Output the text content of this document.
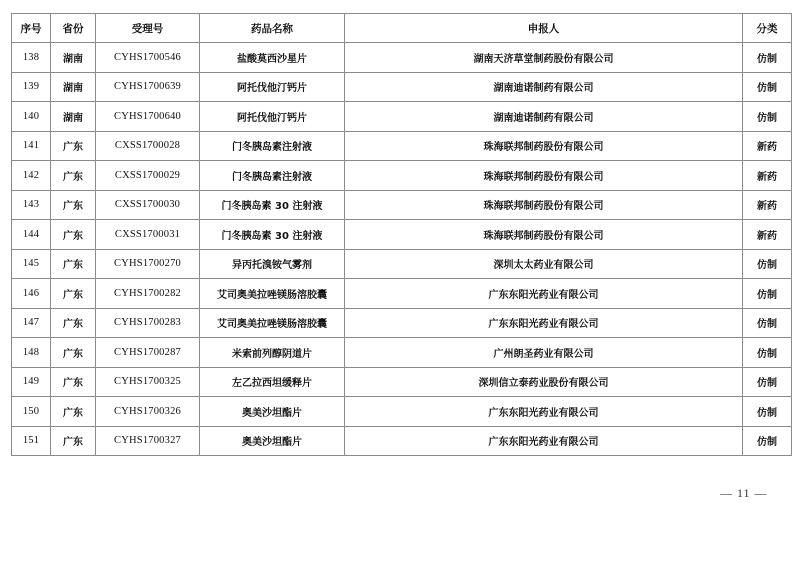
序号	省份	受理号	药品名称	申报人	分类
138	湖南	CYHS1700546	盐酸莫西沙星片	湖南天济草堂制药股份有限公司	仿制
139	湖南	CYHS1700639	阿托伐他汀钙片	湖南迪诺制药有限公司	仿制
140	湖南	CYHS1700640	阿托伐他汀钙片	湖南迪诺制药有限公司	仿制
141	广东	CXSS1700028	门冬胰岛素注射液	珠海联邦制药股份有限公司	新药
142	广东	CXSS1700029	门冬胰岛素注射液	珠海联邦制药股份有限公司	新药
143	广东	CXSS1700030	门冬胰岛素 30 注射液	珠海联邦制药股份有限公司	新药
144	广东	CXSS1700031	门冬胰岛素 30 注射液	珠海联邦制药股份有限公司	新药
145	广东	CYHS1700270	异丙托溴铵气雾剂	深圳太太药业有限公司	仿制
146	广东	CYHS1700282	艾司奥美拉唑镁肠溶胶囊	广东东阳光药业有限公司	仿制
147	广东	CYHS1700283	艾司奥美拉唑镁肠溶胶囊	广东东阳光药业有限公司	仿制
148	广东	CYHS1700287	米索前列醇阴道片	广州朗圣药业有限公司	仿制
149	广东	CYHS1700325	左乙拉西坦缓释片	深圳信立泰药业股份有限公司	仿制
150	广东	CYHS1700326	奥美沙坦酯片	广东东阳光药业有限公司	仿制
151	广东	CYHS1700327	奥美沙坦酯片	广东东阳光药业有限公司	仿制
— 11 —
